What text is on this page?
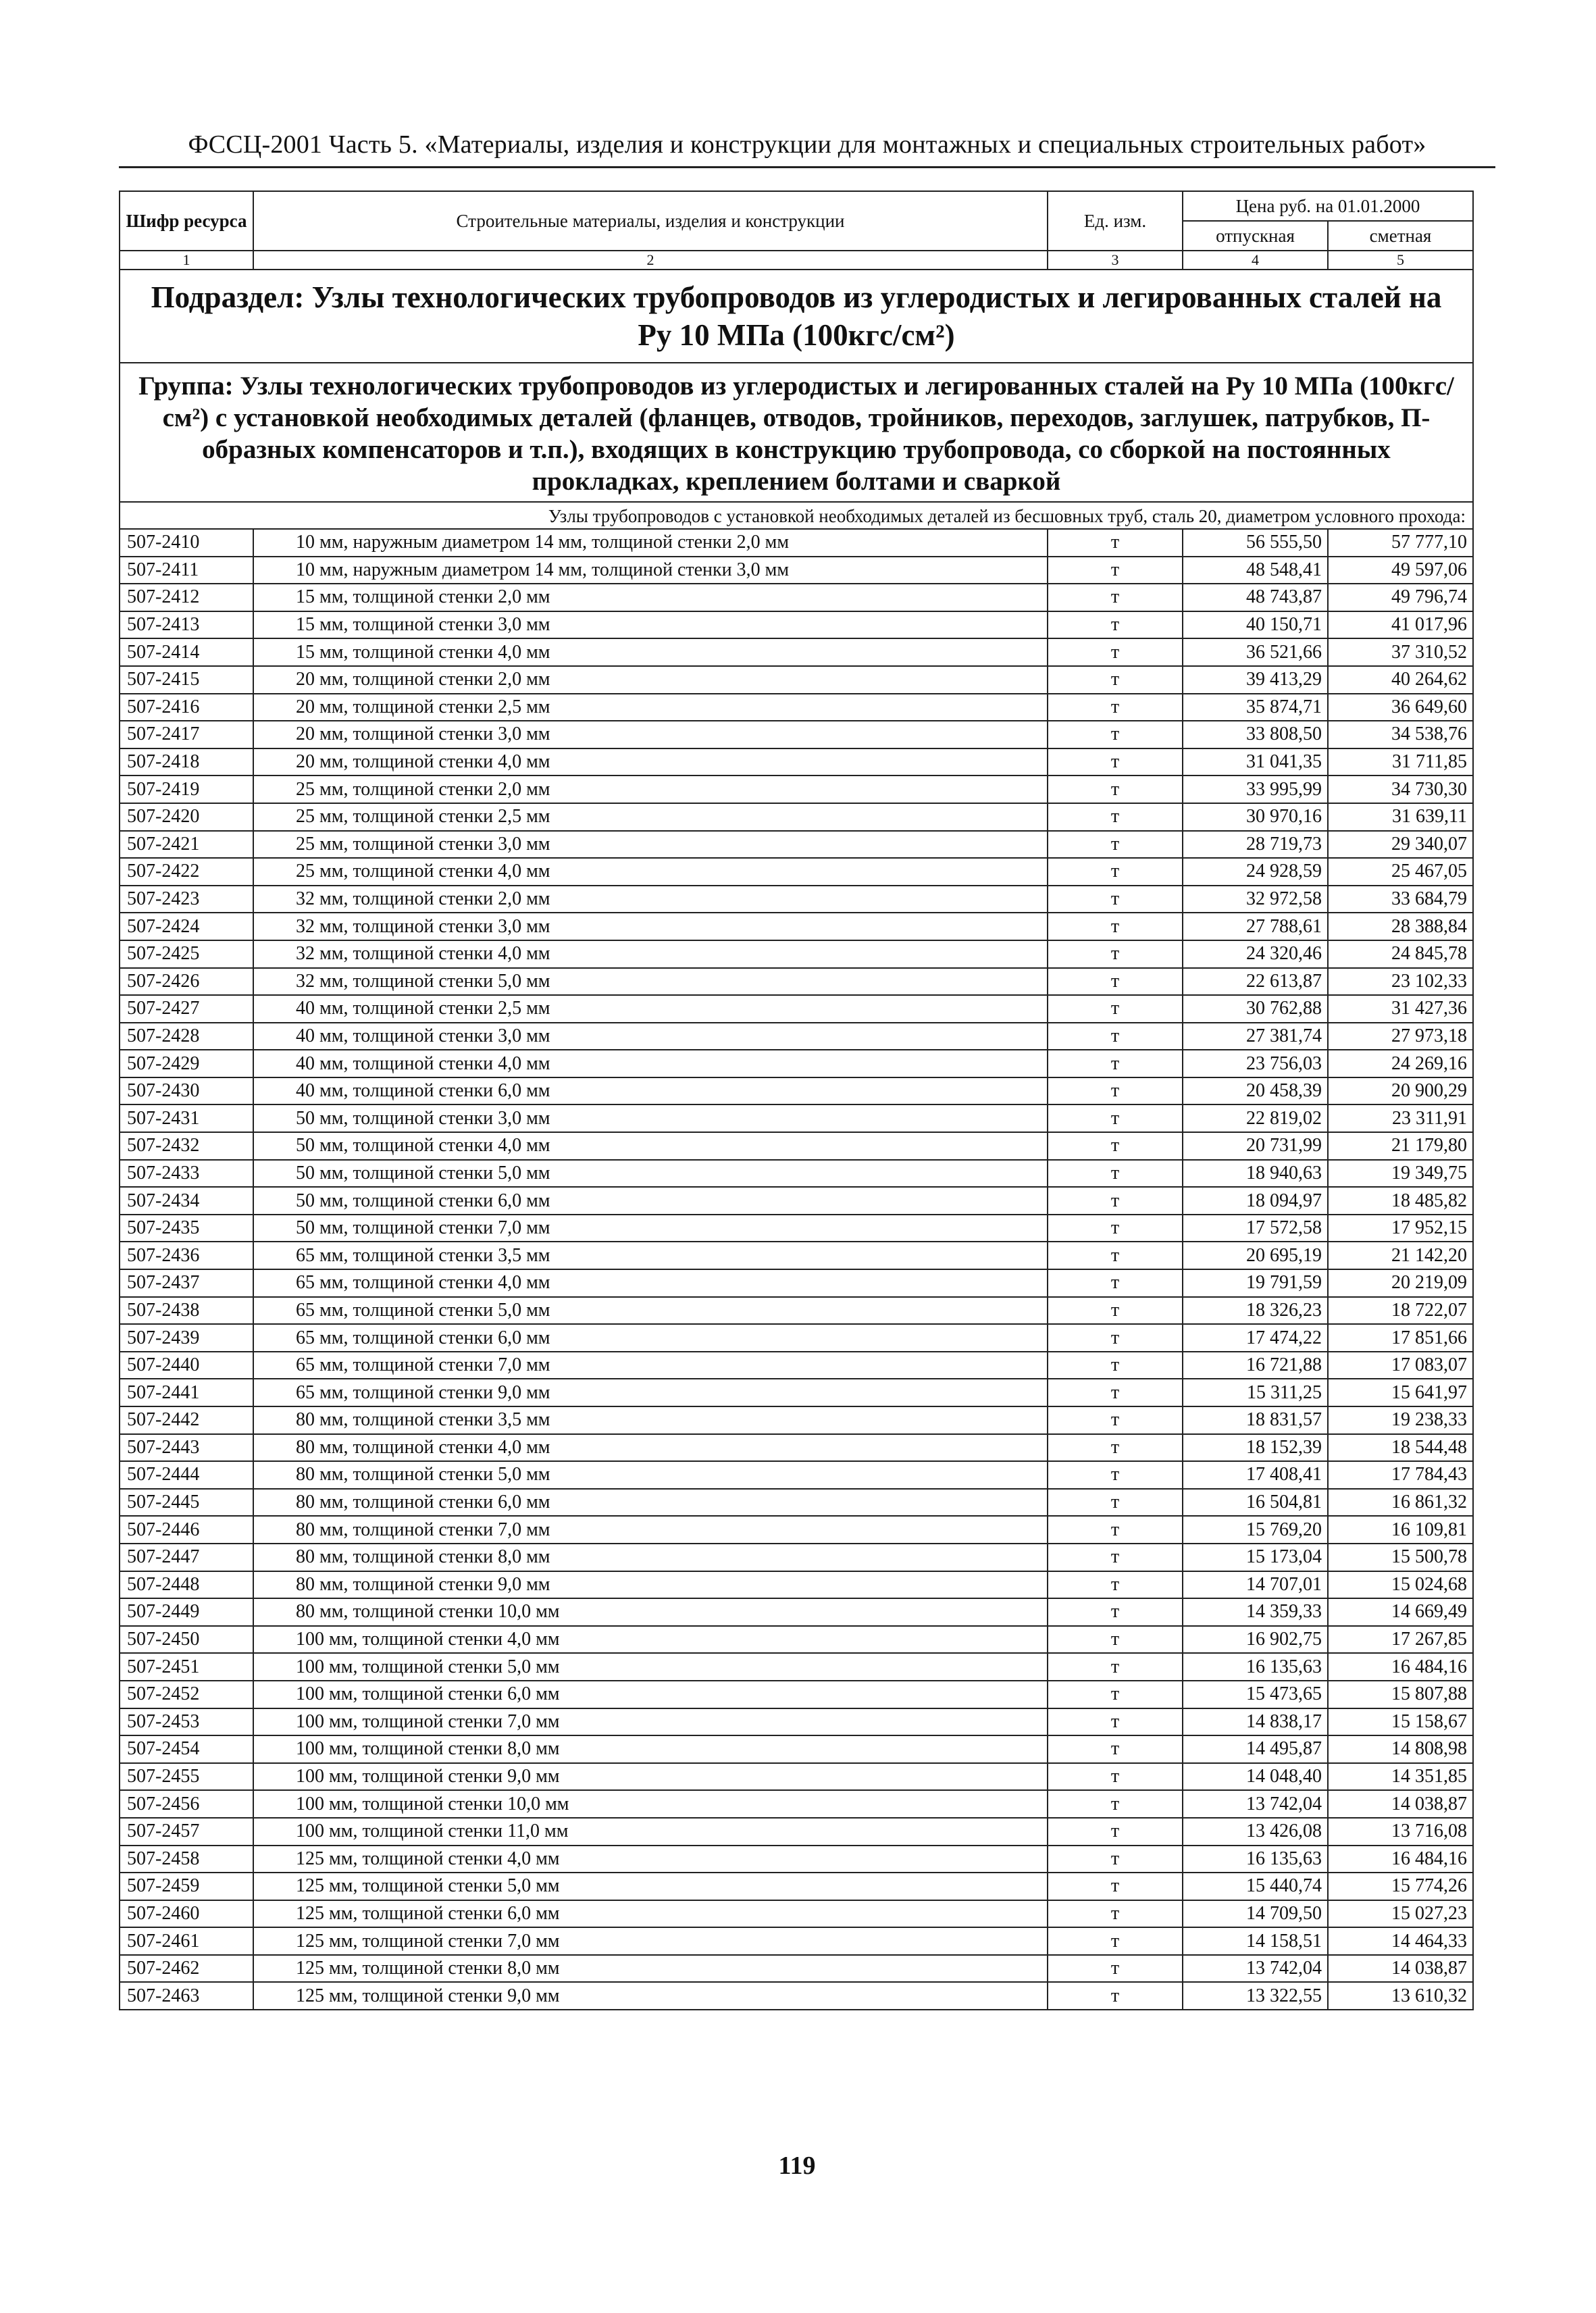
ФССЦ-2001 Часть 5. «Материалы, изделия и конструкции для монтажных и специальных строительных работ»
Шифр ресурса	Строительные материалы, изделия и конструкции	Ед. изм.	Цена руб. на 01.01.2000	
			отпускная	сметная
1	2	3	4	5
Подраздел: Узлы технологических трубопроводов из углеродистых и легированных сталей на Ру 10 МПа (100кгс/см²)				
Группа: Узлы технологических трубопроводов из углеродистых и легированных сталей на Ру 10 МПа (100кгс/см²) с установкой необходимых деталей (фланцев, отводов, тройников, переходов, заглушек, патрубков, П-образных компенсаторов и т.п.), входящих в конструкцию трубопровода, со сборкой на постоянных прокладках, креплением болтами и сваркой				
Узлы трубопроводов с установкой необходимых деталей из бесшовных труб, сталь 20, диаметром условного прохода:				
507-2410	10 мм, наружным диаметром 14 мм, толщиной стенки 2,0 мм	т	56 555,50	57 777,10
507-2411	10 мм, наружным диаметром 14 мм, толщиной стенки 3,0 мм	т	48 548,41	49 597,06
507-2412	15 мм, толщиной стенки 2,0 мм	т	48 743,87	49 796,74
507-2413	15 мм, толщиной стенки 3,0 мм	т	40 150,71	41 017,96
507-2414	15 мм, толщиной стенки 4,0 мм	т	36 521,66	37 310,52
507-2415	20 мм, толщиной стенки 2,0 мм	т	39 413,29	40 264,62
507-2416	20 мм, толщиной стенки 2,5 мм	т	35 874,71	36 649,60
507-2417	20 мм, толщиной стенки 3,0 мм	т	33 808,50	34 538,76
507-2418	20 мм, толщиной стенки 4,0 мм	т	31 041,35	31 711,85
507-2419	25 мм, толщиной стенки 2,0 мм	т	33 995,99	34 730,30
507-2420	25 мм, толщиной стенки 2,5 мм	т	30 970,16	31 639,11
507-2421	25 мм, толщиной стенки 3,0 мм	т	28 719,73	29 340,07
507-2422	25 мм, толщиной стенки 4,0 мм	т	24 928,59	25 467,05
507-2423	32 мм, толщиной стенки 2,0 мм	т	32 972,58	33 684,79
507-2424	32 мм, толщиной стенки 3,0 мм	т	27 788,61	28 388,84
507-2425	32 мм, толщиной стенки 4,0 мм	т	24 320,46	24 845,78
507-2426	32 мм, толщиной стенки 5,0 мм	т	22 613,87	23 102,33
507-2427	40 мм, толщиной стенки 2,5 мм	т	30 762,88	31 427,36
507-2428	40 мм, толщиной стенки 3,0 мм	т	27 381,74	27 973,18
507-2429	40 мм, толщиной стенки 4,0 мм	т	23 756,03	24 269,16
507-2430	40 мм, толщиной стенки 6,0 мм	т	20 458,39	20 900,29
507-2431	50 мм, толщиной стенки 3,0 мм	т	22 819,02	23 311,91
507-2432	50 мм, толщиной стенки 4,0 мм	т	20 731,99	21 179,80
507-2433	50 мм, толщиной стенки 5,0 мм	т	18 940,63	19 349,75
507-2434	50 мм, толщиной стенки 6,0 мм	т	18 094,97	18 485,82
507-2435	50 мм, толщиной стенки 7,0 мм	т	17 572,58	17 952,15
507-2436	65 мм, толщиной стенки 3,5 мм	т	20 695,19	21 142,20
507-2437	65 мм, толщиной стенки 4,0 мм	т	19 791,59	20 219,09
507-2438	65 мм, толщиной стенки 5,0 мм	т	18 326,23	18 722,07
507-2439	65 мм, толщиной стенки 6,0 мм	т	17 474,22	17 851,66
507-2440	65 мм, толщиной стенки 7,0 мм	т	16 721,88	17 083,07
507-2441	65 мм, толщиной стенки 9,0 мм	т	15 311,25	15 641,97
507-2442	80 мм, толщиной стенки 3,5 мм	т	18 831,57	19 238,33
507-2443	80 мм, толщиной стенки 4,0 мм	т	18 152,39	18 544,48
507-2444	80 мм, толщиной стенки 5,0 мм	т	17 408,41	17 784,43
507-2445	80 мм, толщиной стенки 6,0 мм	т	16 504,81	16 861,32
507-2446	80 мм, толщиной стенки 7,0 мм	т	15 769,20	16 109,81
507-2447	80 мм, толщиной стенки 8,0 мм	т	15 173,04	15 500,78
507-2448	80 мм, толщиной стенки 9,0 мм	т	14 707,01	15 024,68
507-2449	80 мм, толщиной стенки 10,0 мм	т	14 359,33	14 669,49
507-2450	100 мм, толщиной стенки 4,0 мм	т	16 902,75	17 267,85
507-2451	100 мм, толщиной стенки 5,0 мм	т	16 135,63	16 484,16
507-2452	100 мм, толщиной стенки 6,0 мм	т	15 473,65	15 807,88
507-2453	100 мм, толщиной стенки 7,0 мм	т	14 838,17	15 158,67
507-2454	100 мм, толщиной стенки 8,0 мм	т	14 495,87	14 808,98
507-2455	100 мм, толщиной стенки 9,0 мм	т	14 048,40	14 351,85
507-2456	100 мм, толщиной стенки 10,0 мм	т	13 742,04	14 038,87
507-2457	100 мм, толщиной стенки 11,0 мм	т	13 426,08	13 716,08
507-2458	125 мм, толщиной стенки 4,0 мм	т	16 135,63	16 484,16
507-2459	125 мм, толщиной стенки 5,0 мм	т	15 440,74	15 774,26
507-2460	125 мм, толщиной стенки 6,0 мм	т	14 709,50	15 027,23
507-2461	125 мм, толщиной стенки 7,0 мм	т	14 158,51	14 464,33
507-2462	125 мм, толщиной стенки 8,0 мм	т	13 742,04	14 038,87
507-2463	125 мм, толщиной стенки 9,0 мм	т	13 322,55	13 610,32
119
